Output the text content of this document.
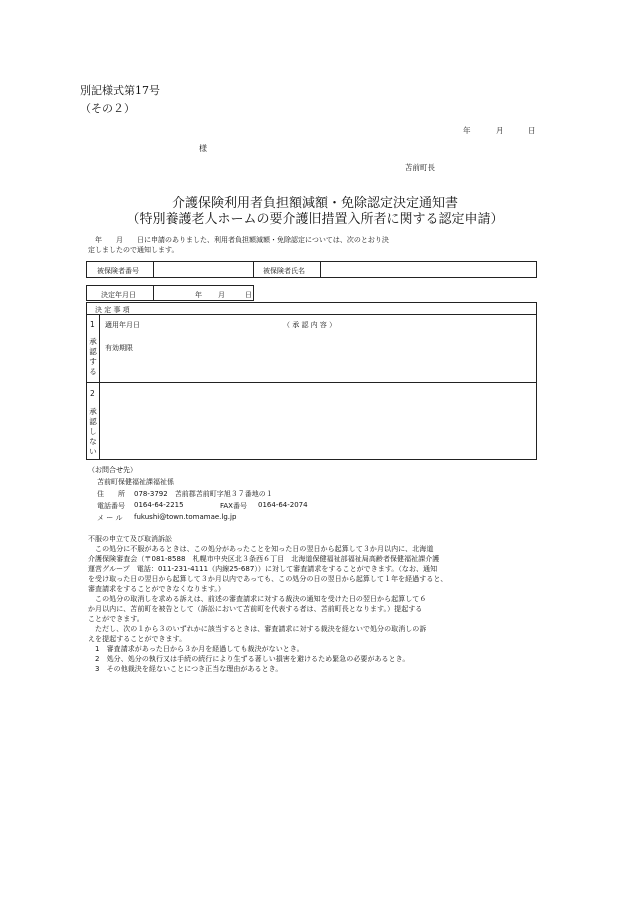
別記様式第17号
（その２）
年	月	日
様
苫前町長
介護保険利用者負担額減額・免除認定決定通知書
（特別養護老人ホームの要介護旧措置入所者に関する認定申請）
　年　　月　　日に申請のありました、利用者負担額減額・免除認定については、次のとおり決
定しましたので通知します。
被保険者番号	被保険者氏名
決定年月日	年 月	日
決 定 事 項
1
承
認
す
る
適用年月日	（ 承 認 内 容 ）
有効期限
2
承
認
し
な
い
（お問合せ先）
苫前町保健福祉課福祉係
住　　所 078-3792　苫前郡苫前町字旭３７番地の１
電話番号 0164-64-2215	FAX番号 0164-64-2074
メ ー ル fukushi@town.tomamae.lg.jp
不服の申立て及び取消訴訟
　この処分に不服があるときは、この処分があったことを知った日の翌日から起算して３か月以内に、北海道
介護保険審査会（〒081-8588　札幌市中央区北３条西６丁目　北海道保健福祉部福祉局高齢者保健福祉課介護
運営グループ　電話：011-231-4111（内線25-687））に対して審査請求をすることができます。（なお、通知
を受け取った日の翌日から起算して３か月以内であっても、この処分の日の翌日から起算して１年を経過すると、
審査請求をすることができなくなります。）
　この処分の取消しを求める訴えは、前述の審査請求に対する裁決の通知を受けた日の翌日から起算して６
か月以内に、苫前町を被告として（訴訟において苫前町を代表する者は、苫前町長となります。）提起する
ことができます。
　ただし、次の１から３のいずれかに該当するときは、審査請求に対する裁決を経ないで処分の取消しの訴
えを提起することができます。
　1　審査請求があった日から３か月を経過しても裁決がないとき。
　2　処分、処分の執行又は手続の続行により生ずる著しい損害を避けるため緊急の必要があるとき。
　3　その他裁決を経ないことにつき正当な理由があるとき。
